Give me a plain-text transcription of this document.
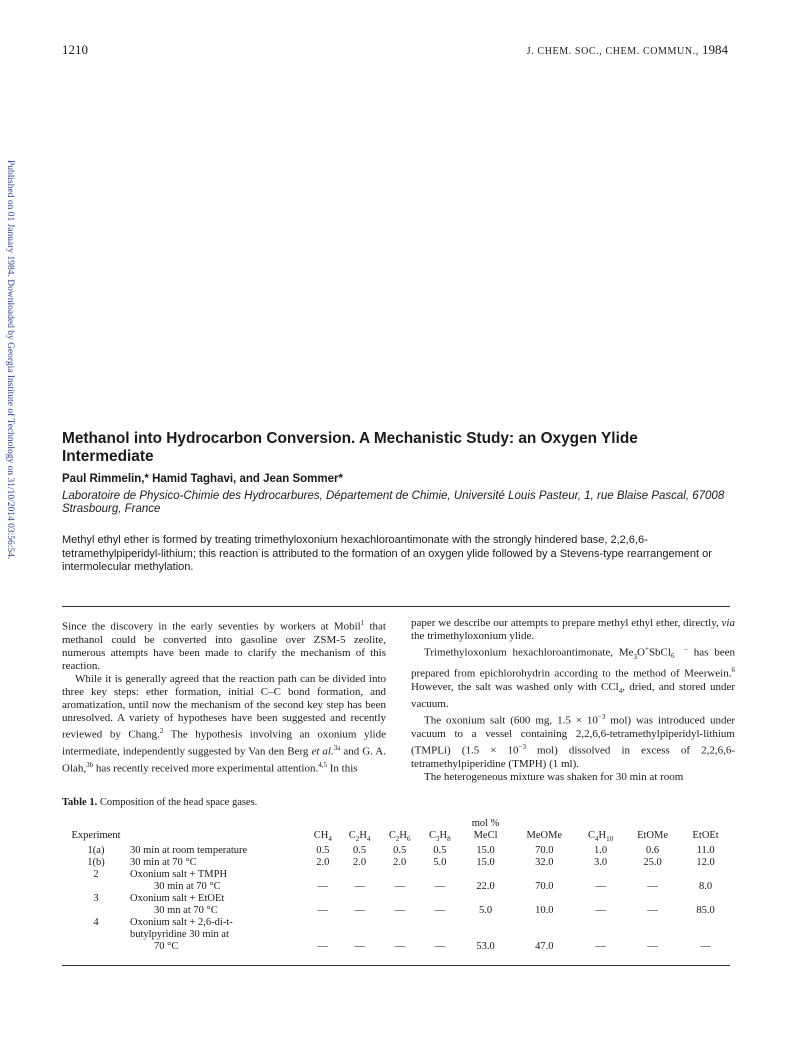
1210	J. CHEM. SOC., CHEM. COMMUN., 1984
Published on 01 January 1984. Downloaded by Georgia Institute of Technology on 31/10/2014 03:56:54.	Methanol into Hydrocarbon Conversion. A Mechanistic Study: an Oxygen Ylide Intermediate
Paul Rimmelin,* Hamid Taghavi, and Jean Sommer*
Laboratoire de Physico-Chimie des Hydrocarbures, Département de Chimie, Université Louis Pasteur, 1, rue Blaise Pascal, 67008 Strasbourg, France
Methyl ethyl ether is formed by treating trimethyloxonium hexachloroantimonate with the strongly hindered base, 2,2,6,6-tetramethylpiperidyl-lithium; this reaction is attributed to the formation of an oxygen ylide followed by a Stevens-type rearrangement or intermolecular methylation.

Since the discovery in the early seventies by workers at Mobil$^1$ that methanol could be converted into gasoline over ZSM-5 zeolite, numerous attempts have been made to clarify the mechanism of this reaction.

While it is generally agreed that the reaction path can be divided into three key steps: ether formation, initial C–C bond formation, and aromatization, until now the mechanism of the second key step has been unresolved. A variety of hypotheses have been suggested and recently reviewed by Chang.$^2$ The hypothesis involving an oxonium ylide intermediate, independently suggested by Van den Berg et al.$^{3a}$ and G. A. Olah,$^{3b}$ has recently received more experimental attention.$^{4,5}$ In this

paper we describe our attempts to prepare methyl ethyl ether, directly, via the trimethyloxonium ylide.

Trimethyloxonium hexachloroantimonate, $Me_3O^+SbCl$ −
6 has been prepared from epichlorohydrin according to the method of Meerwein.$^6$ However, the salt was washed only with CCl$_4$, dried, and stored under vacuum.

The oxonium salt (600 mg, $1.5 \times 10^{-3}$ mol) was introduced under vacuum to a vessel containing 2,2,6,6-tetramethylpiperidyl-lithium (TMPLi) ($1.5 \times 10^{-3}$ mol) dissolved in excess of 2,2,6,6-tetramethylpiperidine (TMPH) (1 ml).

The heterogeneous mixture was shaken for 30 min at room

Table 1. Composition of the head space gases.
						mol %				
Experiment		$CH_4$	$C_2H_4$	$C_2H_6$	$C_3H_8$	MeCl	MeOMe	$C_4H_{10}$	EtOMe	EtOEt
1(a)	30 min at room temperature	0.5	0.5	0.5	0.5	15.0	70.0	1.0	0.6	11.0
1(b)	30 min at 70 °C	2.0	2.0	2.0	5.0	15.0	32.0	3.0	25.0	12.0
2	Oxonium salt + TMPH									
	30 min at 70 °C	—	—	—	—	22.0	70.0	—	—	8.0
3	Oxonium salt + EtOEt									
	30 mn at 70 °C	—	—	—	—	5.0	10.0	—	—	85.0
4	Oxonium salt + 2,6-di-t-									
	butylpyridine 30 min at									
	70 °C	—	—	—	—	53.0	47.0	—	—	—
